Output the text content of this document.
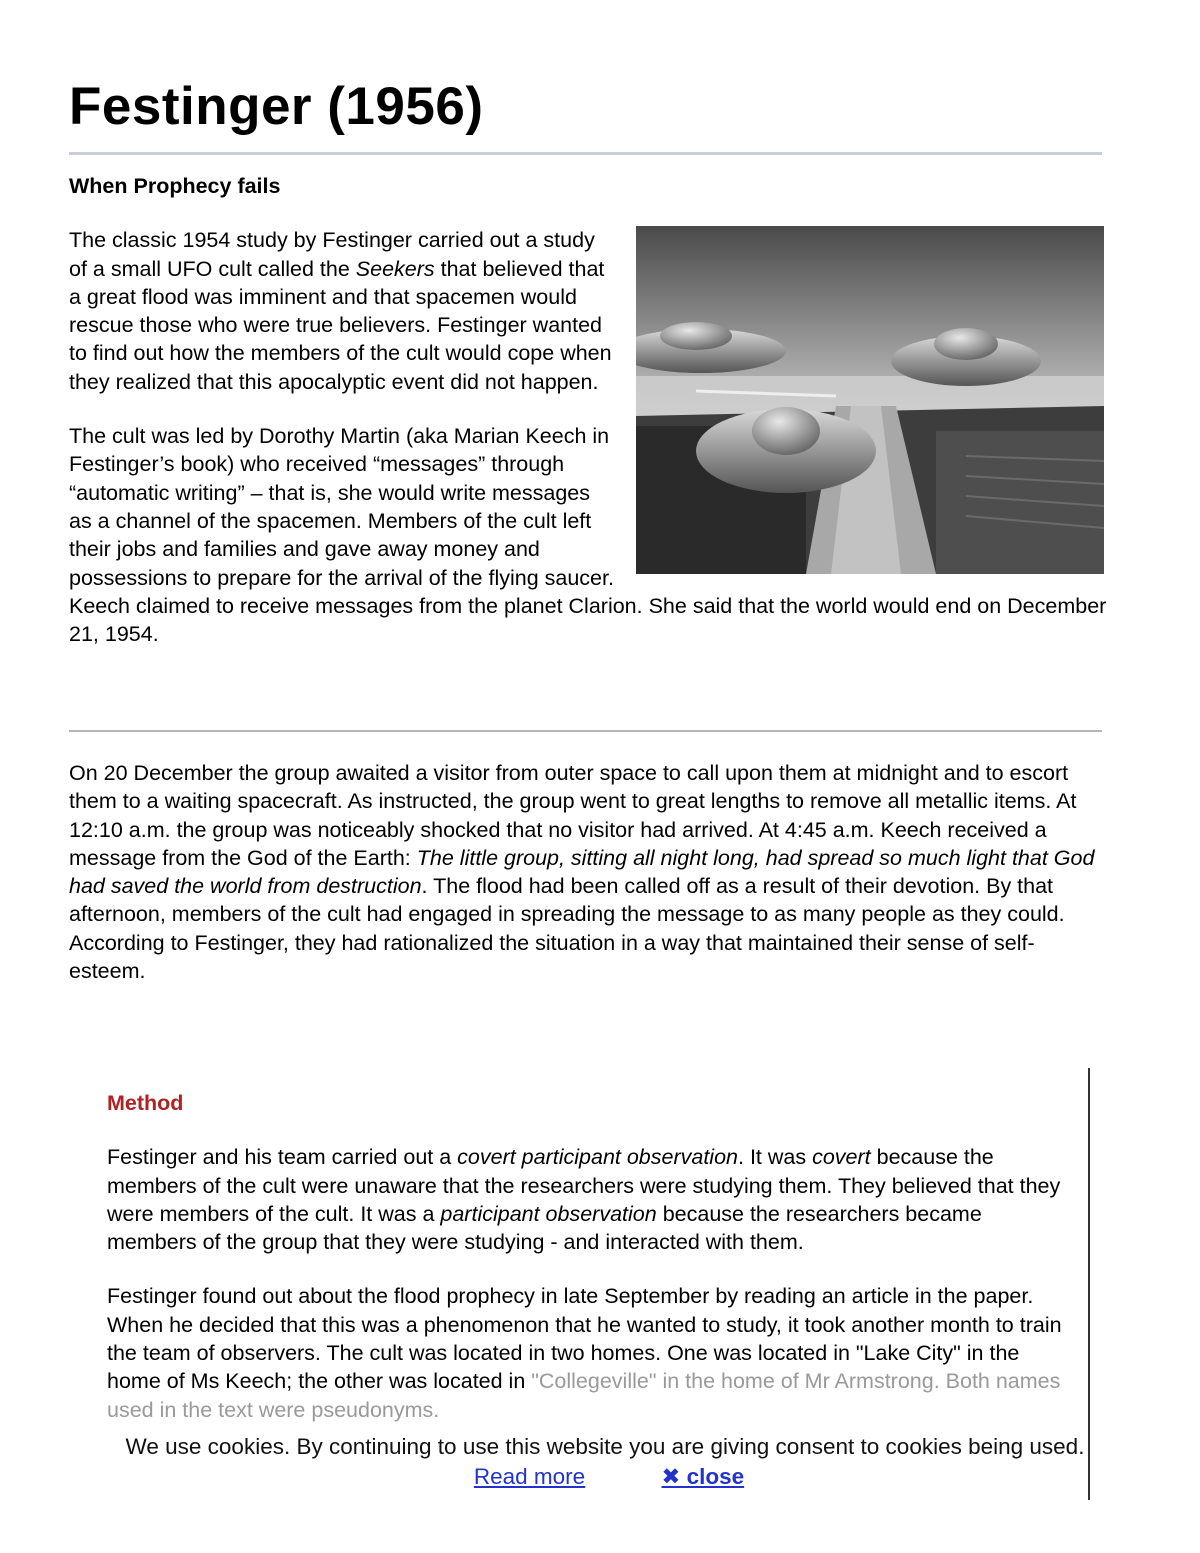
Festinger (1956)
When Prophecy fails

The classic 1954 study by Festinger carried out a study of a small UFO cult called the Seekers that believed that a great flood was imminent and that spacemen would rescue those who were true believers. Festinger wanted to find out how the members of the cult would cope when they realized that this apocalyptic event did not happen.

The cult was led by Dorothy Martin (aka Marian Keech in Festinger’s book) who received “messages” through “automatic writing” – that is, she would write messages as a channel of the spacemen. Members of the cult left their jobs and families and gave away money and possessions to prepare for the arrival of the flying saucer. Keech claimed to receive messages from the planet Clarion. She said that the world would end on December 21, 1954.

On 20 December the group awaited a visitor from outer space to call upon them at midnight and to escort them to a waiting spacecraft. As instructed, the group went to great lengths to remove all metallic items. At 12:10 a.m. the group was noticeably shocked that no visitor had arrived. At 4:45 a.m. Keech received a message from the God of the Earth: The little group, sitting all night long, had spread so much light that God had saved the world from destruction. The flood had been called off as a result of their devotion. By that afternoon, members of the cult had engaged in spreading the message to as many people as they could. According to Festinger, they had rationalized the situation in a way that maintained their sense of self-esteem.

Method

Festinger and his team carried out a covert participant observation. It was covert because the members of the cult were unaware that the researchers were studying them. They believed that they were members of the cult. It was a participant observation because the researchers became members of the group that they were studying - and interacted with them.

Festinger found out about the flood prophecy in late September by reading an article in the paper. When he decided that this was a phenomenon that he wanted to study, it took another month to train the team of observers. The cult was located in two homes. One was located in "Lake City" in the home of Ms Keech; the other was located in "Collegeville" in the home of Mr Armstrong. Both names used in the text were pseudonyms.

We use cookies. By continuing to use this website you are giving consent to cookies being used. Read more	✖ close
